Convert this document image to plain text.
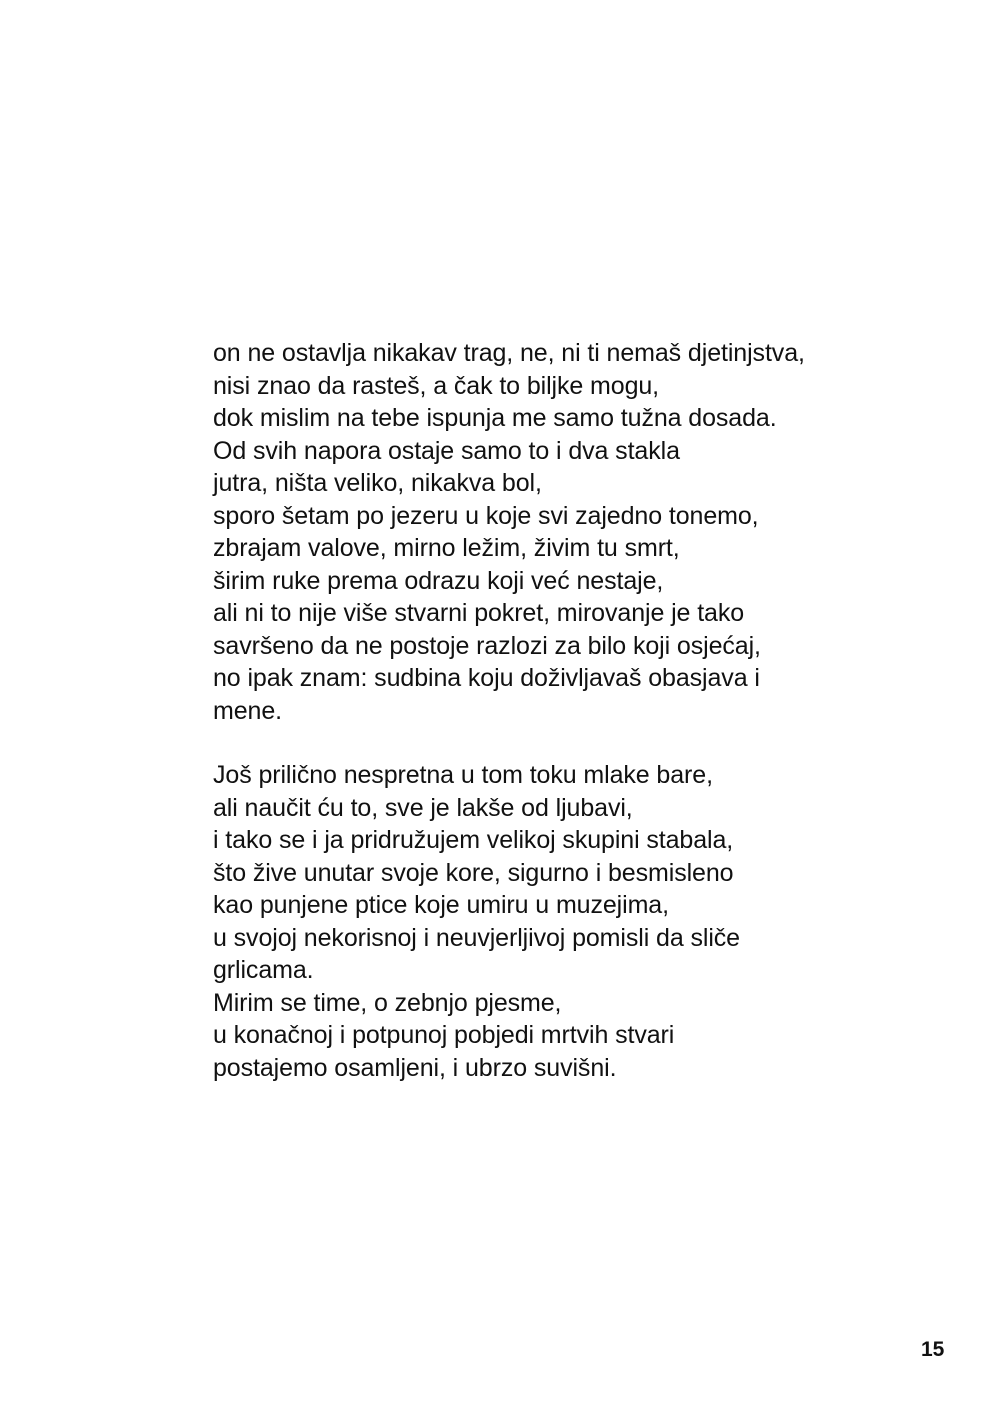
on ne ostavlja nikakav trag, ne, ni ti nemaš djetinjstva,
nisi znao da rasteš, a čak to biljke mogu,
dok mislim na tebe ispunja me samo tužna dosada.
Od svih napora ostaje samo to i dva stakla
jutra, ništa veliko, nikakva bol,
sporo šetam po jezeru u koje svi zajedno tonemo,
zbrajam valove, mirno ležim, živim tu smrt,
širim ruke prema odrazu koji već nestaje,
ali ni to nije više stvarni pokret, mirovanje je tako
savršeno da ne postoje razlozi za bilo koji osjećaj,
no ipak znam: sudbina koju doživljavaš obasjava i
mene.

Još prilično nespretna u tom toku mlake bare,
ali naučit ću to, sve je lakše od ljubavi,
i tako se i ja pridružujem velikoj skupini stabala,
što žive unutar svoje kore, sigurno i besmisleno
kao punjene ptice koje umiru u muzejima,
u svojoj nekorisnoj i neuvjerljivoj pomisli da sliče
grlicama.
Mirim se time, o zebnjo pjesme,
u konačnoj i potpunoj pobjedi mrtvih stvari
postajemo osamljeni, i ubrzo suvišni.

15
